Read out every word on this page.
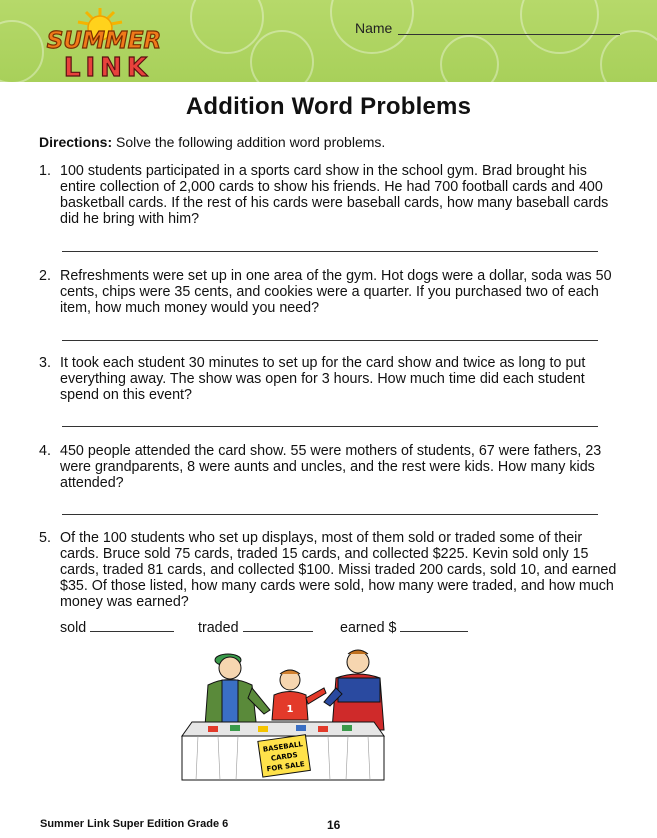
SUMMER
LINK
Name
Addition Word Problems
Directions: Solve the following addition word problems.
1. 100 students participated in a sports card show in the school gym. Brad brought his entire collection of 2,000 cards to show his friends. He had 700 football cards and 400 basketball cards. If the rest of his cards were baseball cards, how many baseball cards did he bring with him?
2. Refreshments were set up in one area of the gym. Hot dogs were a dollar, soda was 50 cents, chips were 35 cents, and cookies were a quarter. If you purchased two of each item, how much money would you need?
3. It took each student 30 minutes to set up for the card show and twice as long to put everything away. The show was open for 3 hours. How much time did each student spend on this event?
4. 450 people attended the card show. 55 were mothers of students, 67 were fathers, 23 were grandparents, 8 were aunts and uncles, and the rest were kids. How many kids attended?
5. Of the 100 students who set up displays, most of them sold or traded some of their cards. Bruce sold 75 cards, traded 15 cards, and collected $225. Kevin sold only 15 cards, traded 81 cards, and collected $100. Missi traded 200 cards, sold 10, and earned $35. Of those listed, how many cards were sold, how many were traded, and how much money was earned?
sold	traded	earned $
1
BASEBALL
CARDS
FOR SALE
Summer Link Super Edition Grade 6	16
